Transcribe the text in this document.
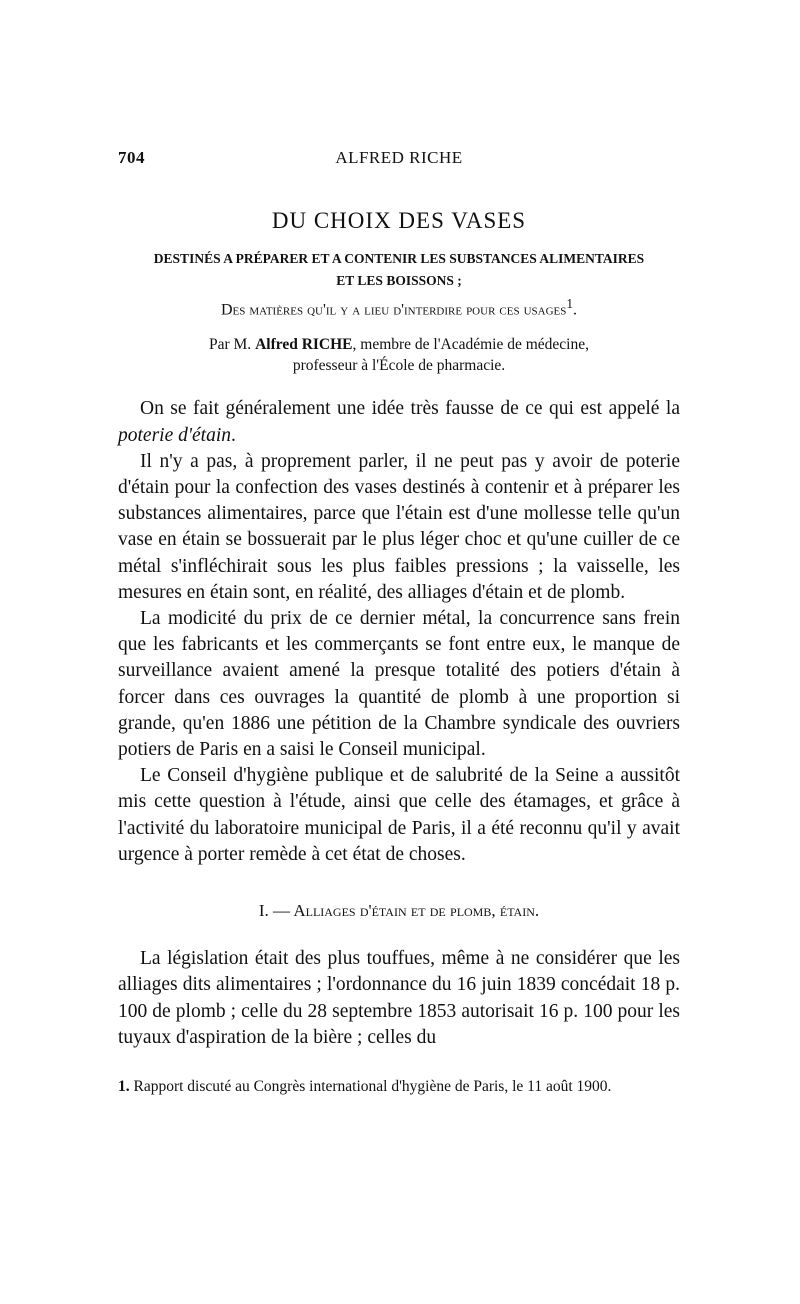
704	ALFRED RICHE
DU CHOIX DES VASES
DESTINÉS A PRÉPARER ET A CONTENIR LES SUBSTANCES ALIMENTAIRES
ET LES BOISSONS ;
Des matières qu'il y a lieu d'interdire pour ces usages$^1$.
Par M. Alfred RICHE, membre de l'Académie de médecine,
professeur à l'École de pharmacie.

On se fait généralement une idée très fausse de ce qui est appelé la poterie d'étain.

Il n'y a pas, à proprement parler, il ne peut pas y avoir de poterie d'étain pour la confection des vases destinés à contenir et à préparer les substances alimentaires, parce que l'étain est d'une mollesse telle qu'un vase en étain se bossuerait par le plus léger choc et qu'une cuiller de ce métal s'infléchirait sous les plus faibles pressions ; la vaisselle, les mesures en étain sont, en réalité, des alliages d'étain et de plomb.

La modicité du prix de ce dernier métal, la concurrence sans frein que les fabricants et les commerçants se font entre eux, le manque de surveillance avaient amené la presque totalité des potiers d'étain à forcer dans ces ouvrages la quantité de plomb à une proportion si grande, qu'en 1886 une pétition de la Chambre syndicale des ouvriers potiers de Paris en a saisi le Conseil municipal.

Le Conseil d'hygiène publique et de salubrité de la Seine a aussitôt mis cette question à l'étude, ainsi que celle des étamages, et grâce à l'activité du laboratoire municipal de Paris, il a été reconnu qu'il y avait urgence à porter remède à cet état de choses.

I. — Alliages d'étain et de plomb, étain.

La législation était des plus touffues, même à ne considérer que les alliages dits alimentaires ; l'ordonnance du 16 juin 1839 concédait 18 p. 100 de plomb ; celle du 28 septembre 1853 autorisait 16 p. 100 pour les tuyaux d'aspiration de la bière ; celles du

1. Rapport discuté au Congrès international d'hygiène de Paris, le 11 août 1900.
